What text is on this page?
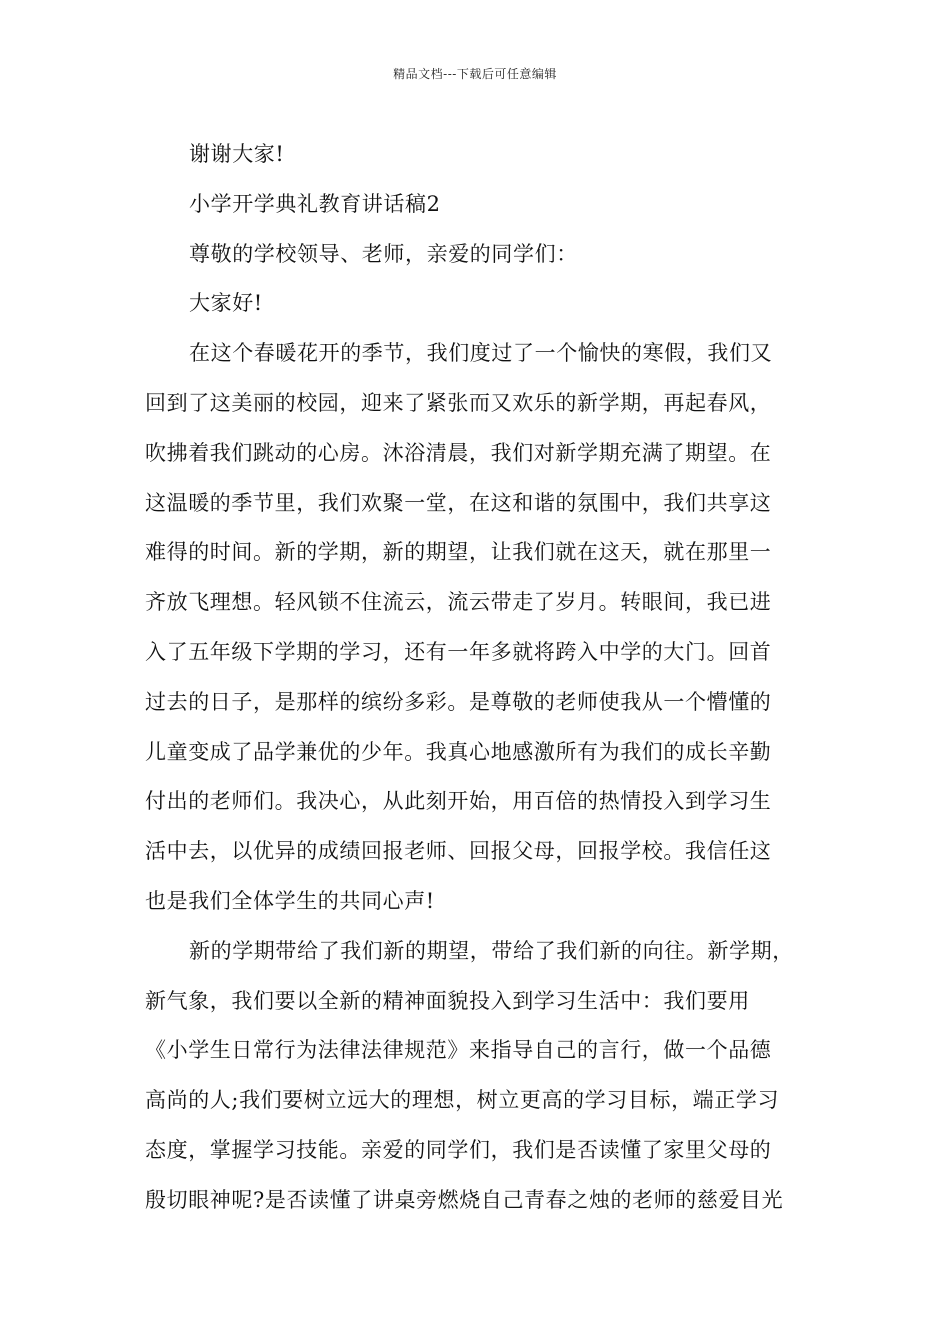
精品文档---下载后可任意编辑
谢谢大家!
小学开学典礼教育讲话稿2
尊敬的学校领导、老师，亲爱的同学们：
大家好!
在这个春暖花开的季节，我们度过了一个愉快的寒假，我们又
回到了这美丽的校园，迎来了紧张而又欢乐的新学期，再起春风，
吹拂着我们跳动的心房。沐浴清晨，我们对新学期充满了期望。在
这温暖的季节里，我们欢聚一堂，在这和谐的氛围中，我们共享这
难得的时间。新的学期，新的期望，让我们就在这天，就在那里一
齐放飞理想。轻风锁不住流云，流云带走了岁月。转眼间，我已进
入了五年级下学期的学习，还有一年多就将跨入中学的大门。回首
过去的日子，是那样的缤纷多彩。是尊敬的老师使我从一个懵懂的
儿童变成了品学兼优的少年。我真心地感激所有为我们的成长辛勤
付出的老师们。我决心，从此刻开始，用百倍的热情投入到学习生
活中去，以优异的成绩回报老师、回报父母，回报学校。我信任这
也是我们全体学生的共同心声!
新的学期带给了我们新的期望，带给了我们新的向往。新学期，
新气象，我们要以全新的精神面貌投入到学习生活中：我们要用
《小学生日常行为法律法律规范》来指导自己的言行，做一个品德
高尚的人;我们要树立远大的理想，树立更高的学习目标，端正学习
态度，掌握学习技能。亲爱的同学们，我们是否读懂了家里父母的
殷切眼神呢?是否读懂了讲桌旁燃烧自己青春之烛的老师的慈爱目光
